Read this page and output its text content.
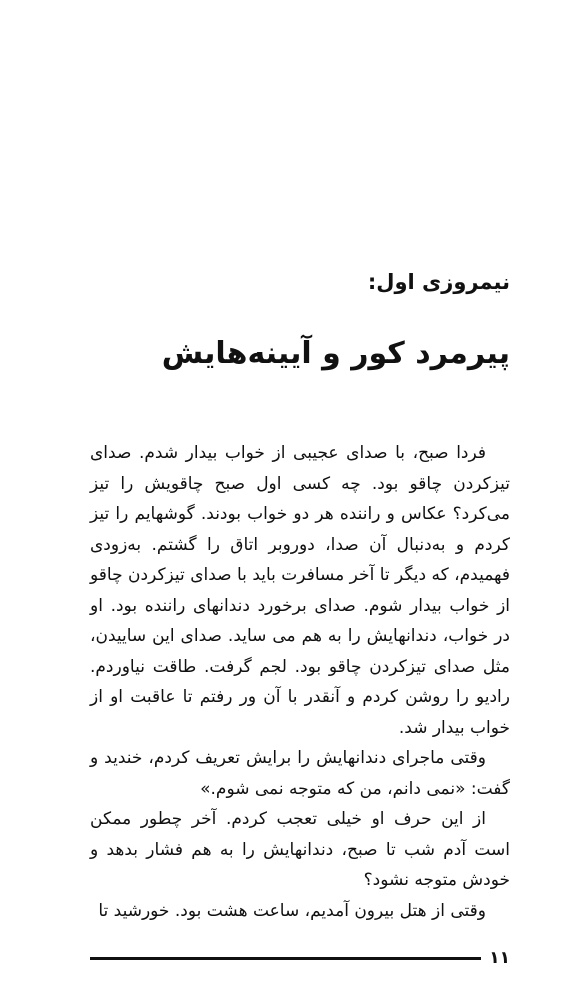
نیمروزی اول:
پیرمرد کور و آیینه‌هایش

فردا صبح، با صدای عجیبی از خواب بیدار شدم. صدای تیزکردن چاقو بود. چه کسی اول صبح چاقویش را تیز می‌کرد؟ عکاس و راننده هر دو خواب بودند. گوشهایم را تیز کردم و به‌دنبال آن صدا، دوروبر اتاق را گشتم. به‌زودی فهمیدم، که دیگر تا آخر مسافرت باید با صدای تیزکردن چاقو از خواب بیدار شوم. صدای برخورد دندانهای راننده بود. او در خواب، دندانهایش را به هم می ساید. صدای این ساییدن، مثل صدای تیزکردن چاقو بود. لجم گرفت. طاقت نیاوردم. رادیو را روشن کردم و آنقدر با آن ور رفتم تا عاقبت او از خواب بیدار شد.

وقتی ماجرای دندانهایش را برایش تعریف کردم، خندید و گفت: «نمی دانم، من که متوجه نمی شوم.»

از این حرف او خیلی تعجب کردم. آخر چطور ممکن است آدم شب تا صبح، دندانهایش را به هم فشار بدهد و خودش متوجه نشود؟

وقتی از هتل بیرون آمدیم، ساعت هشت بود. خورشید تا

۱۱
